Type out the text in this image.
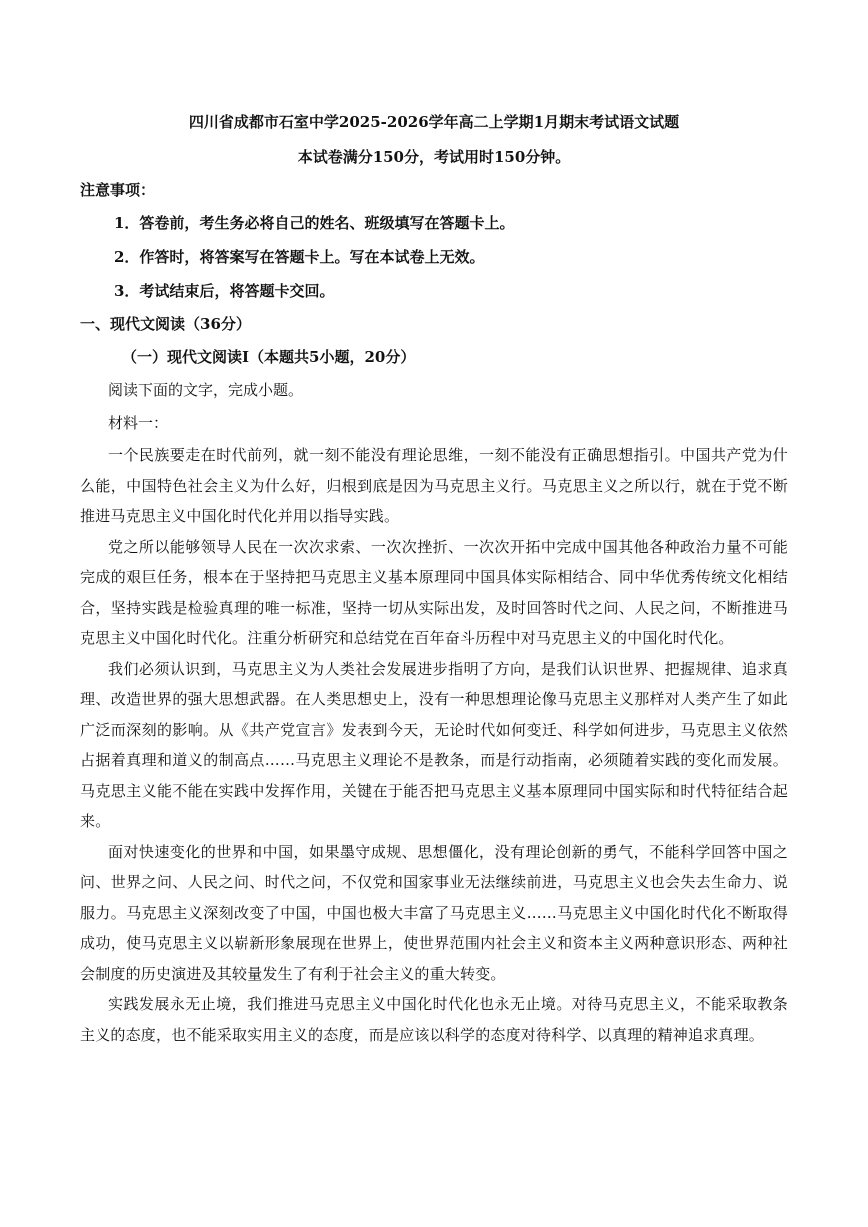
四川省成都市石室中学2025-2026学年高二上学期1月期末考试语文试题

本试卷满分150分，考试用时150分钟。

注意事项：

1．答卷前，考生务必将自己的姓名、班级填写在答题卡上。

2．作答时，将答案写在答题卡上。写在本试卷上无效。

3．考试结束后，将答题卡交回。

一、现代文阅读（36分）

（一）现代文阅读Ⅰ（本题共5小题，20分）

阅读下面的文字，完成小题。

材料一：

一个民族要走在时代前列，就一刻不能没有理论思维，一刻不能没有正确思想指引。中国共产党为什么能，中国特色社会主义为什么好，归根到底是因为马克思主义行。马克思主义之所以行，就在于党不断推进马克思主义中国化时代化并用以指导实践。

党之所以能够领导人民在一次次求索、一次次挫折、一次次开拓中完成中国其他各种政治力量不可能完成的艰巨任务，根本在于坚持把马克思主义基本原理同中国具体实际相结合、同中华优秀传统文化相结合，坚持实践是检验真理的唯一标准，坚持一切从实际出发，及时回答时代之问、人民之问，不断推进马克思主义中国化时代化。注重分析研究和总结党在百年奋斗历程中对马克思主义的中国化时代化。

我们必须认识到，马克思主义为人类社会发展进步指明了方向，是我们认识世界、把握规律、追求真理、改造世界的强大思想武器。在人类思想史上，没有一种思想理论像马克思主义那样对人类产生了如此广泛而深刻的影响。从《共产党宣言》发表到今天，无论时代如何变迁、科学如何进步，马克思主义依然占据着真理和道义的制高点……马克思主义理论不是教条，而是行动指南，必须随着实践的变化而发展。马克思主义能不能在实践中发挥作用，关键在于能否把马克思主义基本原理同中国实际和时代特征结合起来。

面对快速变化的世界和中国，如果墨守成规、思想僵化，没有理论创新的勇气，不能科学回答中国之问、世界之问、人民之问、时代之问，不仅党和国家事业无法继续前进，马克思主义也会失去生命力、说服力。马克思主义深刻改变了中国，中国也极大丰富了马克思主义……马克思主义中国化时代化不断取得成功，使马克思主义以崭新形象展现在世界上，使世界范围内社会主义和资本主义两种意识形态、两种社会制度的历史演进及其较量发生了有利于社会主义的重大转变。

实践发展永无止境，我们推进马克思主义中国化时代化也永无止境。对待马克思主义，不能采取教条主义的态度，也不能采取实用主义的态度，而是应该以科学的态度对待科学、以真理的精神追求真理。
